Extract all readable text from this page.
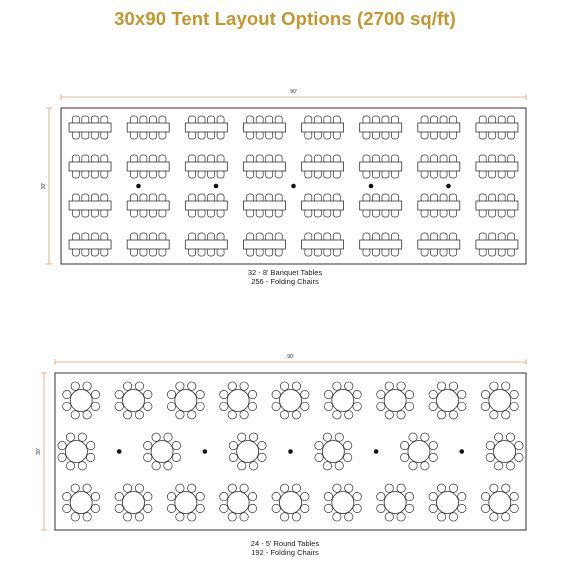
30x90 Tent Layout Options (2700 sq/ft)
90'
30'
32 - 8' Banquet Tables
256 - Folding Chairs
90'
30'
24 - 5' Round Tables
192 - Folding Chairs
